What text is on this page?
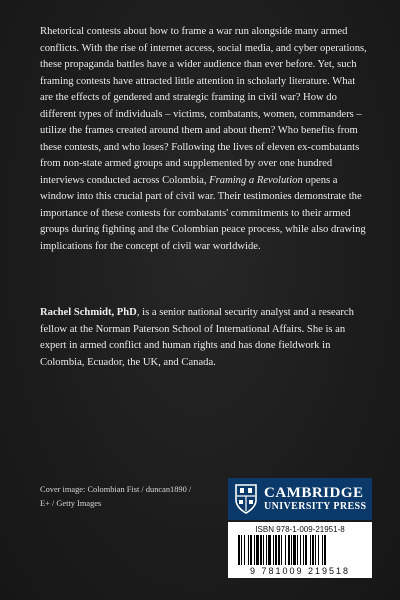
Rhetorical contests about how to frame a war run alongside many armed conflicts. With the rise of internet access, social media, and cyber operations, these propaganda battles have a wider audience than ever before. Yet, such framing contests have attracted little attention in scholarly literature. What are the effects of gendered and strategic framing in civil war? How do different types of individuals – victims, combatants, women, commanders – utilize the frames created around them and about them? Who benefits from these contests, and who loses? Following the lives of eleven ex-combatants from non-state armed groups and supplemented by over one hundred interviews conducted across Colombia, Framing a Revolution opens a window into this crucial part of civil war. Their testimonies demonstrate the importance of these contests for combatants' commitments to their armed groups during fighting and the Colombian peace process, while also drawing implications for the concept of civil war worldwide.

Rachel Schmidt, PhD, is a senior national security analyst and a research fellow at the Norman Paterson School of International Affairs. She is an expert in armed conflict and human rights and has done fieldwork in Colombia, Ecuador, the UK, and Canada.

Cover image: Colombian Fist / duncan1890 /
E+ / Getty Images

CAMBRIDGE
UNIVERSITY PRESS
ISBN 978-1-009-21951-8
9 781009 219518
